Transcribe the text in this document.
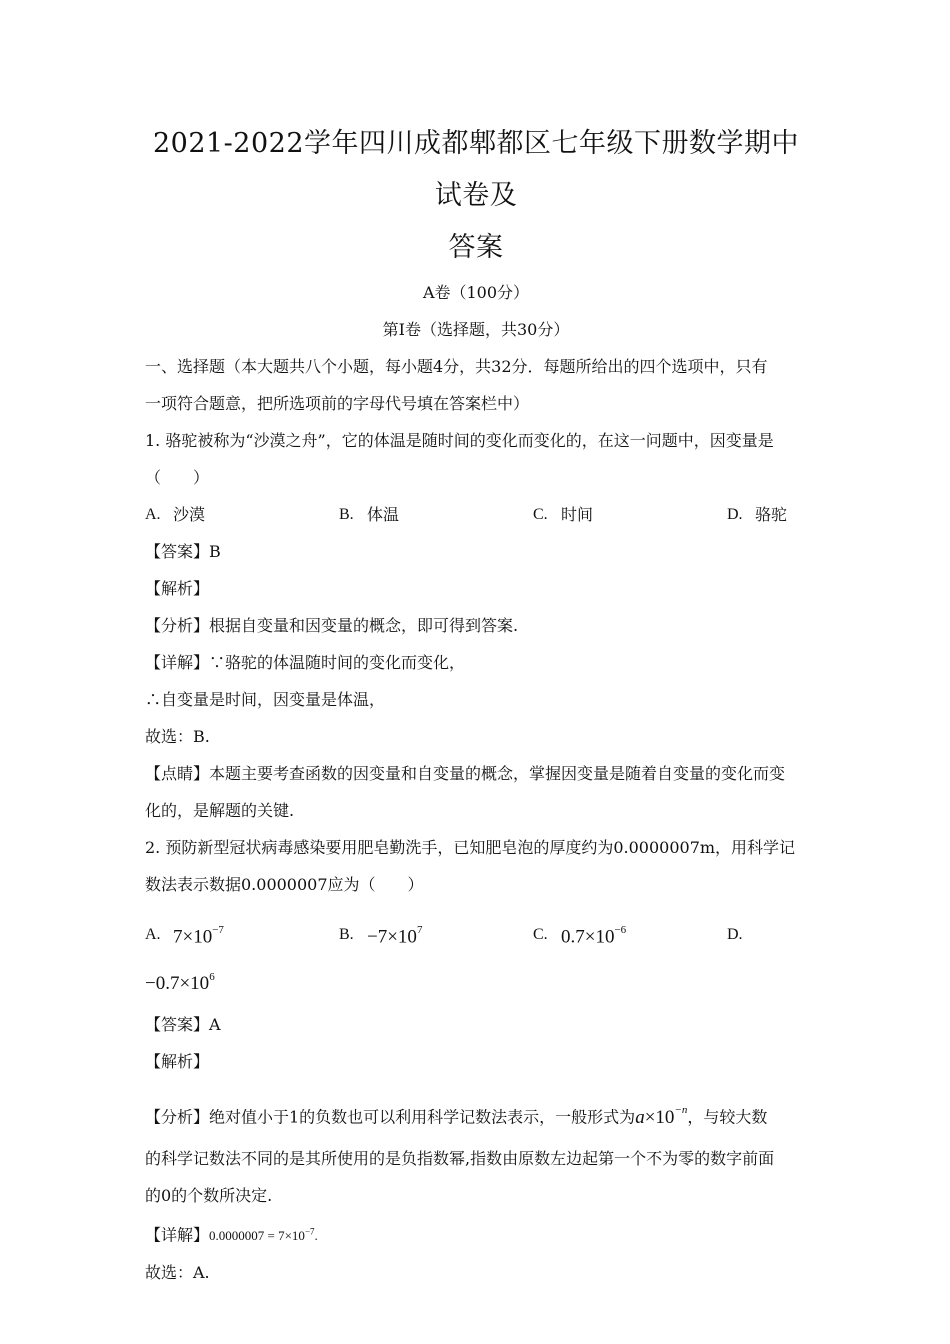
2021-2022学年四川成都郫都区七年级下册数学期中试卷及
答案
A卷（100分）
第Ⅰ卷（选择题，共30分）

一、选择题（本大题共八个小题，每小题4分，共32分．每题所给出的四个选项中，只有

一项符合题意，把所选项前的字母代号填在答案栏中）

1. 骆驼被称为“沙漠之舟”，它的体温是随时间的变化而变化的，在这一问题中，因变量是

（　　）

A. 沙漠	B. 体温	C. 时间	D. 骆驼

【答案】B

【解析】

【分析】根据自变量和因变量的概念，即可得到答案.

【详解】∵骆驼的体温随时间的变化而变化，

∴自变量是时间，因变量是体温，

故选：B.

【点睛】本题主要考查函数的因变量和自变量的概念，掌握因变量是随着自变量的变化而变

化的，是解题的关键.

2. 预防新型冠状病毒感染要用肥皂勤洗手，已知肥皂泡的厚度约为0.0000007m，用科学记

数法表示数据0.0000007应为（　　）

A. $7\times 10^{-7}$	B. $-7\times 10^7$	C. $0.7\times 10^{-6}$	D.
$-0.7\times 10^6$

【答案】A

【解析】

【分析】绝对值小于1的负数也可以利用科学记数法表示，一般形式为$a\times 10^{-n}$，与较大数

的科学记数法不同的是其所使用的是负指数幂,指数由原数左边起第一个不为零的数字前面

的0的个数所决定.

【详解】$0.0000007 = 7\times 10^{-7}$.

故选：A.
